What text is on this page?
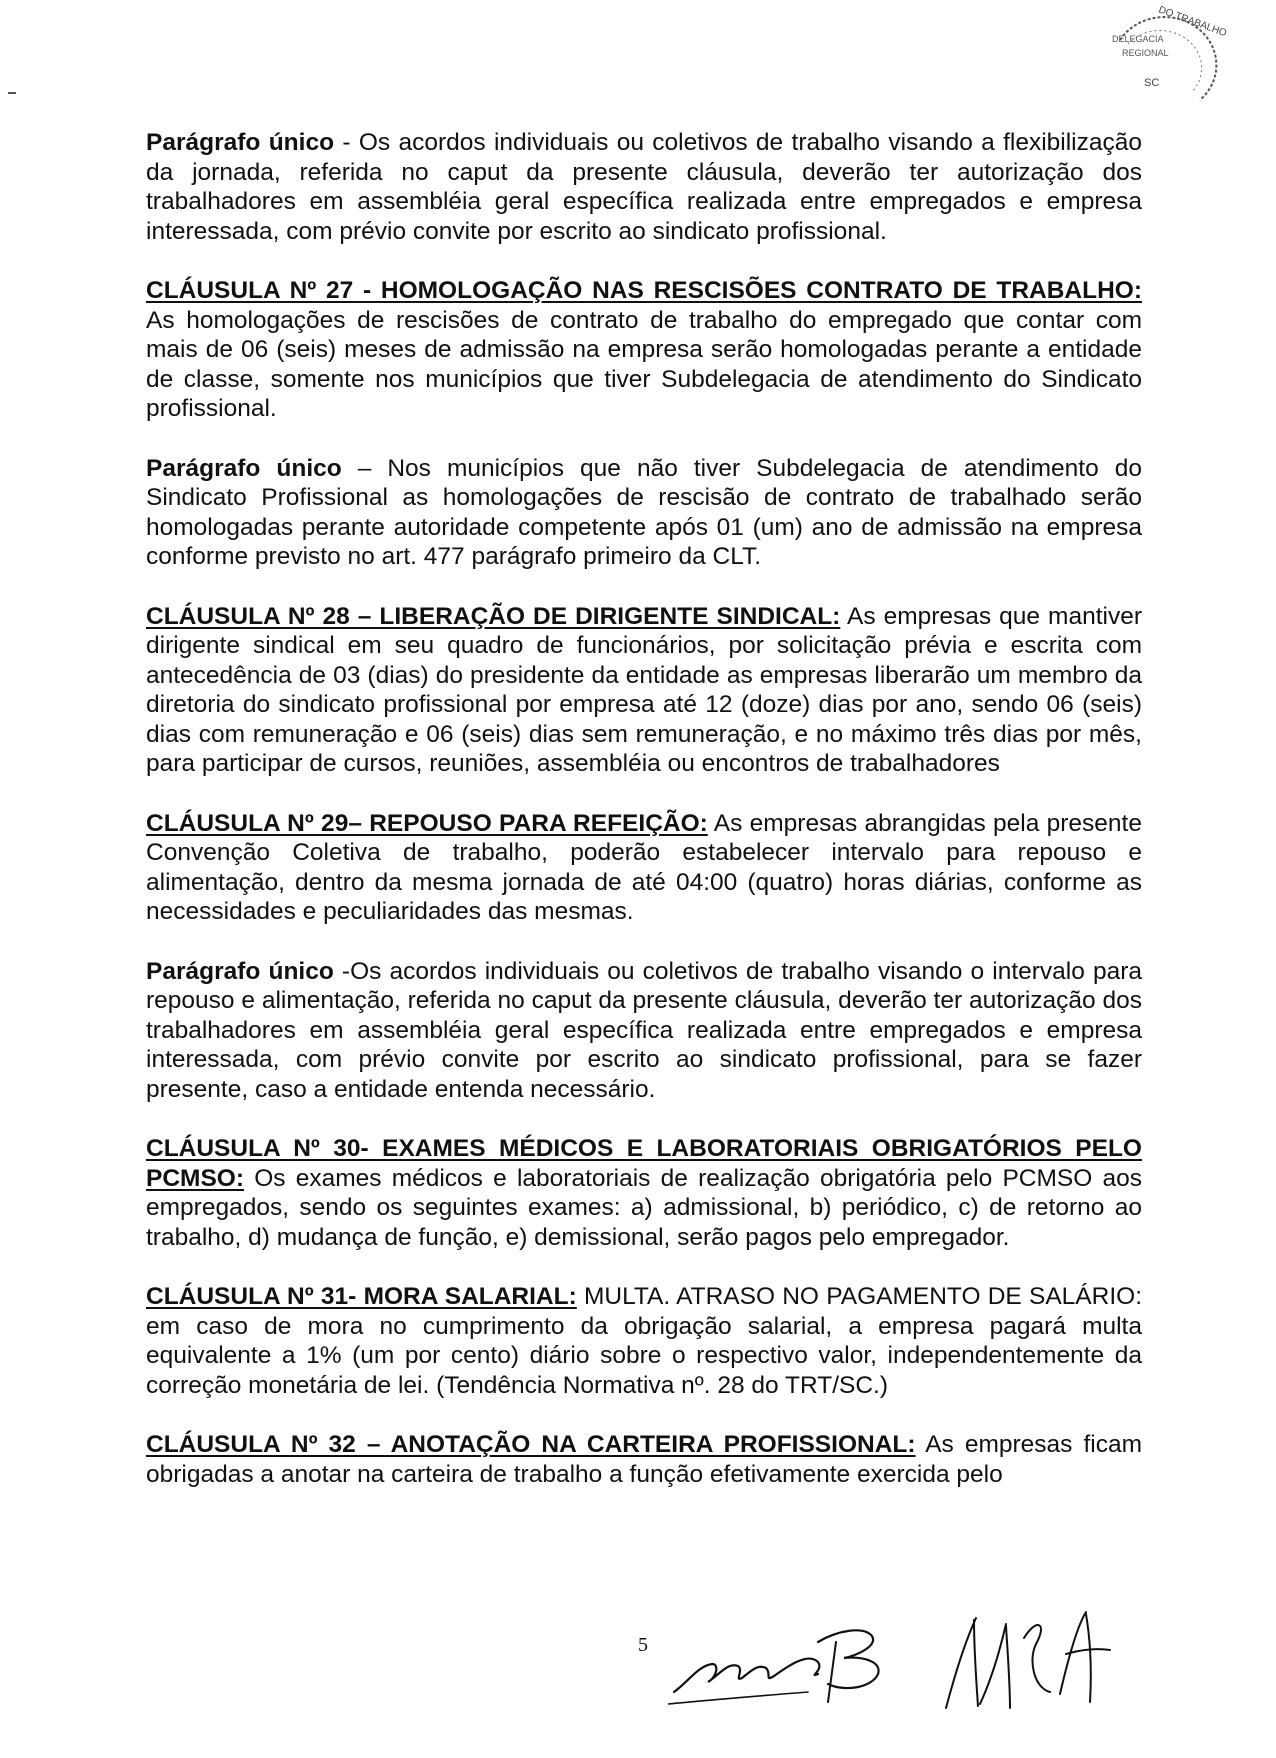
DO TRABALHO
DELEGACIA
REGIONAL
SC

Parágrafo único - Os acordos individuais ou coletivos de trabalho visando a flexibilização da jornada, referida no caput da presente cláusula, deverão ter autorização dos trabalhadores em assembléia geral específica realizada entre empregados e empresa interessada, com prévio convite por escrito ao sindicato profissional.

CLÁUSULA Nº 27 - HOMOLOGAÇÃO NAS RESCISÕES CONTRATO DE TRABALHO: As homologações de rescisões de contrato de trabalho do empregado que contar com mais de 06 (seis) meses de admissão na empresa serão homologadas perante a entidade de classe, somente nos municípios que tiver Subdelegacia de atendimento do Sindicato profissional.

Parágrafo único – Nos municípios que não tiver Subdelegacia de atendimento do Sindicato Profissional as homologações de rescisão de contrato de trabalhado serão homologadas perante autoridade competente após 01 (um) ano de admissão na empresa conforme previsto no art. 477 parágrafo primeiro da CLT.

CLÁUSULA Nº 28 – LIBERAÇÃO DE DIRIGENTE SINDICAL: As empresas que mantiver dirigente sindical em seu quadro de funcionários, por solicitação prévia e escrita com antecedência de 03 (dias) do presidente da entidade as empresas liberarão um membro da diretoria do sindicato profissional por empresa até 12 (doze) dias por ano, sendo 06 (seis) dias com remuneração e 06 (seis) dias sem remuneração, e no máximo três dias por mês, para participar de cursos, reuniões, assembléia ou encontros de trabalhadores

CLÁUSULA Nº 29– REPOUSO PARA REFEIÇÃO: As empresas abrangidas pela presente Convenção Coletiva de trabalho, poderão estabelecer intervalo para repouso e alimentação, dentro da mesma jornada de até 04:00 (quatro) horas diárias, conforme as necessidades e peculiaridades das mesmas.

Parágrafo único -Os acordos individuais ou coletivos de trabalho visando o intervalo para repouso e alimentação, referida no caput da presente cláusula, deverão ter autorização dos trabalhadores em assembléia geral específica realizada entre empregados e empresa interessada, com prévio convite por escrito ao sindicato profissional, para se fazer presente, caso a entidade entenda necessário.

CLÁUSULA Nº 30- EXAMES MÉDICOS E LABORATORIAIS OBRIGATÓRIOS PELO PCMSO: Os exames médicos e laboratoriais de realização obrigatória pelo PCMSO aos empregados, sendo os seguintes exames: a) admissional, b) periódico, c) de retorno ao trabalho, d) mudança de função, e) demissional, serão pagos pelo empregador.

CLÁUSULA Nº 31- MORA SALARIAL: MULTA. ATRASO NO PAGAMENTO DE SALÁRIO: em caso de mora no cumprimento da obrigação salarial, a empresa pagará multa equivalente a 1% (um por cento) diário sobre o respectivo valor, independentemente da correção monetária de lei. (Tendência Normativa nº. 28 do TRT/SC.)

CLÁUSULA Nº 32 – ANOTAÇÃO NA CARTEIRA PROFISSIONAL: As empresas ficam obrigadas a anotar na carteira de trabalho a função efetivamente exercida pelo

5
